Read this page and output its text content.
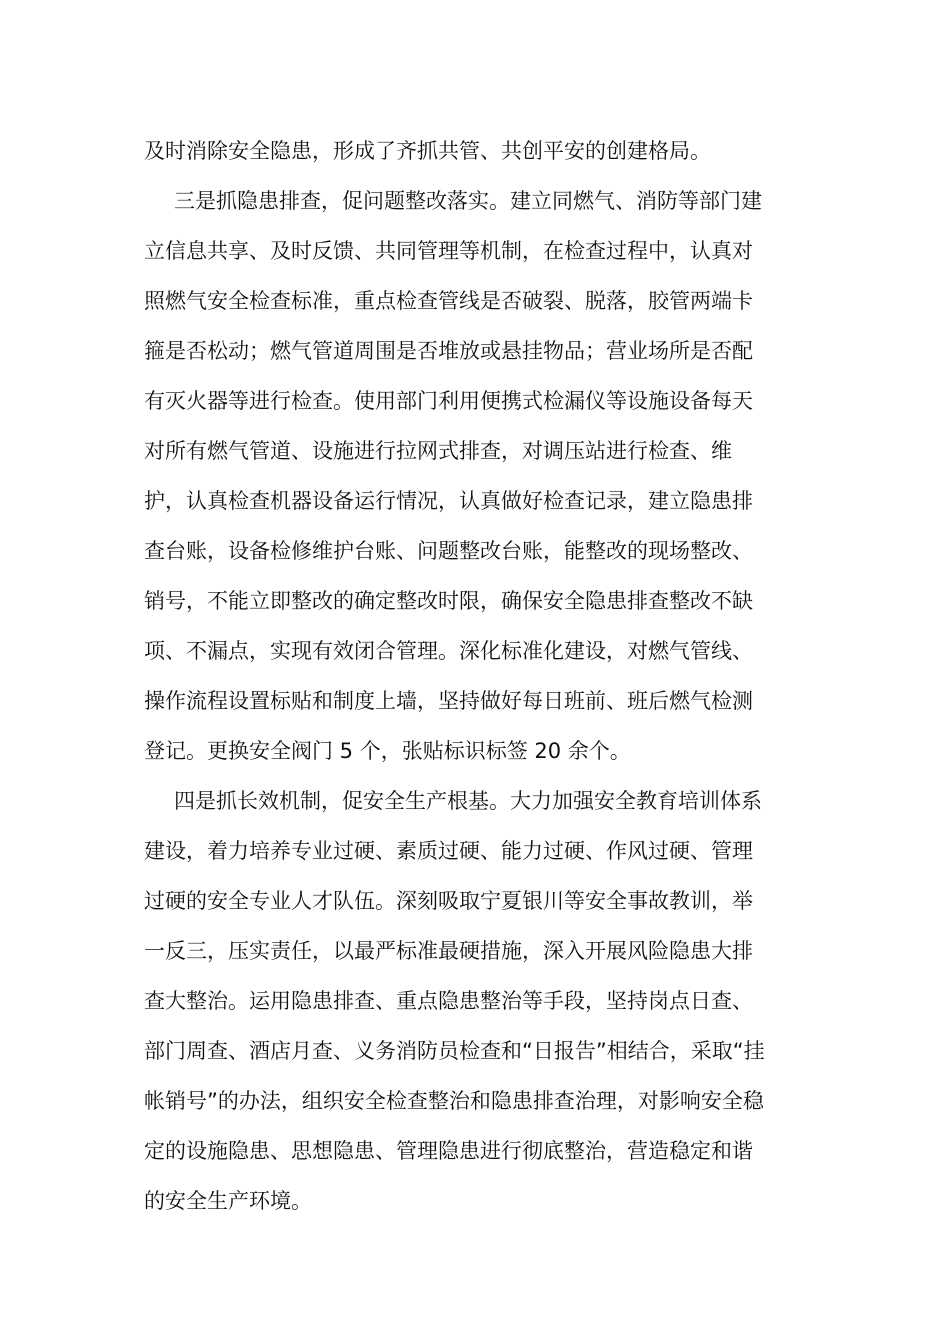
及时消除安全隐患，形成了齐抓共管、共创平安的创建格局。
三是抓隐患排查，促问题整改落实。建立同燃气、消防等部门建
立信息共享、及时反馈、共同管理等机制，在检查过程中，认真对
照燃气安全检查标准，重点检查管线是否破裂、脱落，胶管两端卡
箍是否松动；燃气管道周围是否堆放或悬挂物品；营业场所是否配
有灭火器等进行检查。使用部门利用便携式检漏仪等设施设备每天
对所有燃气管道、设施进行拉网式排查，对调压站进行检查、维
护，认真检查机器设备运行情况，认真做好检查记录，建立隐患排
查台账，设备检修维护台账、问题整改台账，能整改的现场整改、
销号，不能立即整改的确定整改时限，确保安全隐患排查整改不缺
项、不漏点，实现有效闭合管理。深化标准化建设，对燃气管线、
操作流程设置标贴和制度上墙，坚持做好每日班前、班后燃气检测
登记。更换安全阀门 5 个，张贴标识标签 20 余个。
四是抓长效机制，促安全生产根基。大力加强安全教育培训体系
建设，着力培养专业过硬、素质过硬、能力过硬、作风过硬、管理
过硬的安全专业人才队伍。深刻吸取宁夏银川等安全事故教训，举
一反三，压实责任，以最严标准最硬措施，深入开展风险隐患大排
查大整治。运用隐患排查、重点隐患整治等手段，坚持岗点日查、
部门周查、酒店月查、义务消防员检查和“日报告”相结合，采取“挂
帐销号”的办法，组织安全检查整治和隐患排查治理，对影响安全稳
定的设施隐患、思想隐患、管理隐患进行彻底整治，营造稳定和谐
的安全生产环境。
